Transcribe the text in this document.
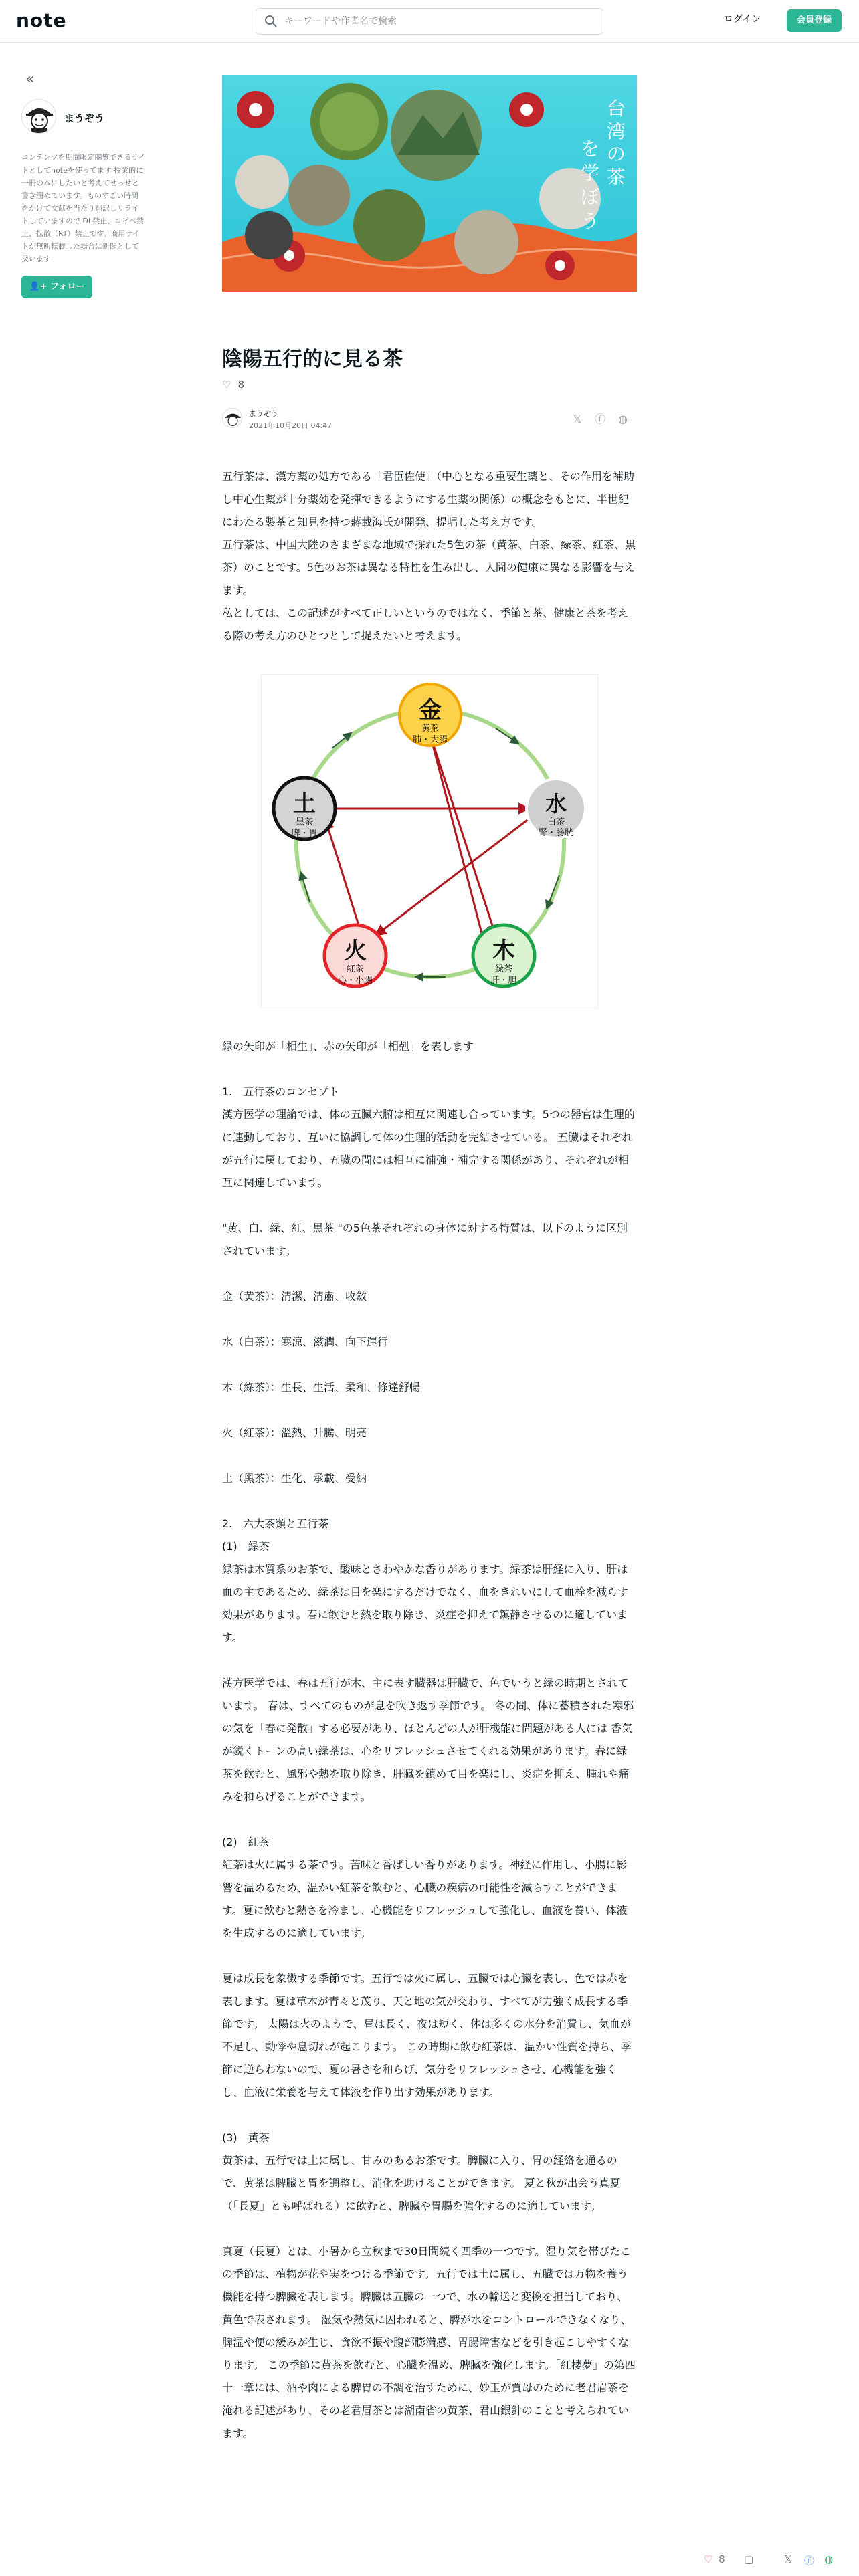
note
キーワードや作者名で検索	ログイン	会員登録
«
まうぞう
コンテンツを期間限定閲覧できるサイトとしてnoteを使ってます 授業的に一冊の本にしたいと考えてせっせと書き溜めています。ものすごい時間をかけて文献を当たり翻訳しリライトしていますので DL禁止、コピペ禁止、拡散（RT）禁止です。商用サイトが無断転載した場合は新聞として扱います
👤+ フォロー
台
湾
の
茶
を
学
ぼ
う
陰陽五行的に見る茶
♡ 8
まうぞう
2021年10月20日 04:47
𝕏 ⓕ ◍

五行茶は、漢方薬の処方である「君臣佐使」（中心となる重要生薬と、その作用を補助し中心生薬が十分薬効を発揮できるようにする生薬の関係）の概念をもとに、半世紀にわたる製茶と知見を持つ蔣載海氏が開発、提唱した考え方です。

五行茶は、中国大陸のさまざまな地域で採れた5色の茶（黄茶、白茶、緑茶、紅茶、黒茶）のことです。5色のお茶は異なる特性を生み出し、人間の健康に異なる影響を与えます。

私としては、この記述がすべて正しいというのではなく、季節と茶、健康と茶を考える際の考え方のひとつとして捉えたいと考えます。

金
黄茶
肺・大腸
水
白茶
腎・膀胱
木
緑茶
肝・胆
火
紅茶
心・小腸
土
黒茶
脾・胃

緑の矢印が「相生」、赤の矢印が「相剋」を表します

1.　五行茶のコンセプト

漢方医学の理論では、体の五臓六腑は相互に関連し合っています。5つの器官は生理的に連動しており、互いに協調して体の生理的活動を完結させている。 五臓はそれぞれが五行に属しており、五臓の間には相互に補強・補完する関係があり、それぞれが相互に関連しています。

"黄、白、緑、紅、黒茶 "の5色茶それぞれの身体に対する特質は、以下のように区別されています。

金（黄茶）：清潔、清肅、收斂

水（白茶）：寒涼、滋潤、向下運行

木（綠茶）：生長、生活、柔和、條達舒暢

火（紅茶）：溫熱、升騰、明亮

土（黑茶）：生化、承載、受納

2.　六大茶類と五行茶

(1)　緑茶

緑茶は木質系のお茶で、酸味とさわやかな香りがあります。緑茶は肝経に入り、肝は血の主であるため、緑茶は目を楽にするだけでなく、血をきれいにして血栓を減らす効果があります。春に飲むと熱を取り除き、炎症を抑えて鎮静させるのに適しています。

漢方医学では、春は五行が木、主に表す臓器は肝臓で、色でいうと緑の時期とされています。 春は、すべてのものが息を吹き返す季節です。 冬の間、体に蓄積された寒邪の気を「春に発散」する必要があり、ほとんどの人が肝機能に問題がある人には 香気が鋭くトーンの高い緑茶は、心をリフレッシュさせてくれる効果があります。春に緑茶を飲むと、風邪や熱を取り除き、肝臓を鎮めて目を楽にし、炎症を抑え、腫れや痛みを和らげることができます。

(2)　紅茶

紅茶は火に属する茶です。苦味と香ばしい香りがあります。神経に作用し、小腸に影響を温めるため、温かい紅茶を飲むと、心臓の疾病の可能性を減らすことができます。夏に飲むと熱さを冷まし、心機能をリフレッシュして強化し、血液を養い、体液を生成するのに適しています。

夏は成長を象徴する季節です。五行では火に属し、五臓では心臓を表し、色では赤を表します。夏は草木が青々と茂り、天と地の気が交わり、すべてが力強く成長する季節です。 太陽は火のようで、昼は長く、夜は短く、体は多くの水分を消費し、気血が不足し、動悸や息切れが起こります。 この時期に飲む紅茶は、温かい性質を持ち、季節に逆らわないので、夏の暑さを和らげ、気分をリフレッシュさせ、心機能を強くし、血液に栄養を与えて体液を作り出す効果があります。

(3)　黄茶

黄茶は、五行では土に属し、甘みのあるお茶です。脾臓に入り、胃の経絡を通るので、黄茶は脾臓と胃を調整し、消化を助けることができます。 夏と秋が出会う真夏（「長夏」とも呼ばれる）に飲むと、脾臓や胃腸を強化するのに適しています。

真夏（長夏）とは、小暑から立秋まで30日間続く四季の一つです。湿り気を帯びたこの季節は、植物が花や実をつける季節です。五行では土に属し、五臓では万物を養う機能を持つ脾臓を表します。脾臓は五臓の一つで、水の輸送と変換を担当しており、黄色で表されます。 湿気や熱気に囚われると、脾が水をコントロールできなくなり、脾湿や便の緩みが生じ、食欲不振や腹部膨満感、胃腸障害などを引き起こしやすくなります。 この季節に黄茶を飲むと、心臓を温め、脾臓を強化します。「紅楼夢」の第四十一章には、酒や肉による脾胃の不調を治すために、妙玉が賈母のために老君眉茶を淹れる記述があり、その老君眉茶とは湖南省の黄茶、君山銀針のことと考えられています。

♡ 8 ▢	𝕏 ⓕ ◍
